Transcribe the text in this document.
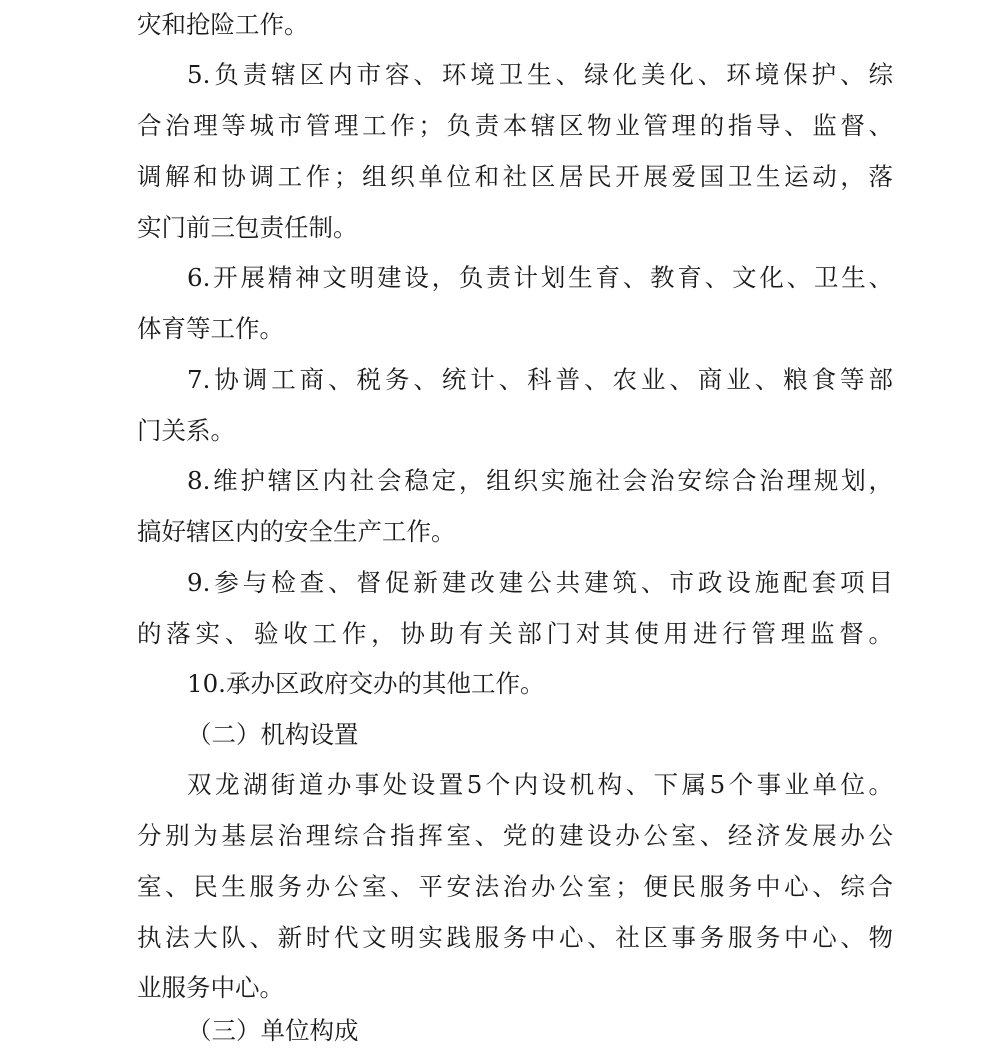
灾和抢险工作。
5.负责辖区内市容、环境卫生、绿化美化、环境保护、综
合治理等城市管理工作；负责本辖区物业管理的指导、监督、
调解和协调工作；组织单位和社区居民开展爱国卫生运动，落
实门前三包责任制。
6.开展精神文明建设，负责计划生育、教育、文化、卫生、
体育等工作。
7.协调工商、税务、统计、科普、农业、商业、粮食等部
门关系。
8.维护辖区内社会稳定，组织实施社会治安综合治理规划，
搞好辖区内的安全生产工作。
9.参与检查、督促新建改建公共建筑、市政设施配套项目
的落实、验收工作，协助有关部门对其使用进行管理监督。
10.承办区政府交办的其他工作。
（二）机构设置
双龙湖街道办事处设置5个内设机构、下属5个事业单位。
分别为基层治理综合指挥室、党的建设办公室、经济发展办公
室、民生服务办公室、平安法治办公室；便民服务中心、综合
执法大队、新时代文明实践服务中心、社区事务服务中心、物
业服务中心。
（三）单位构成
